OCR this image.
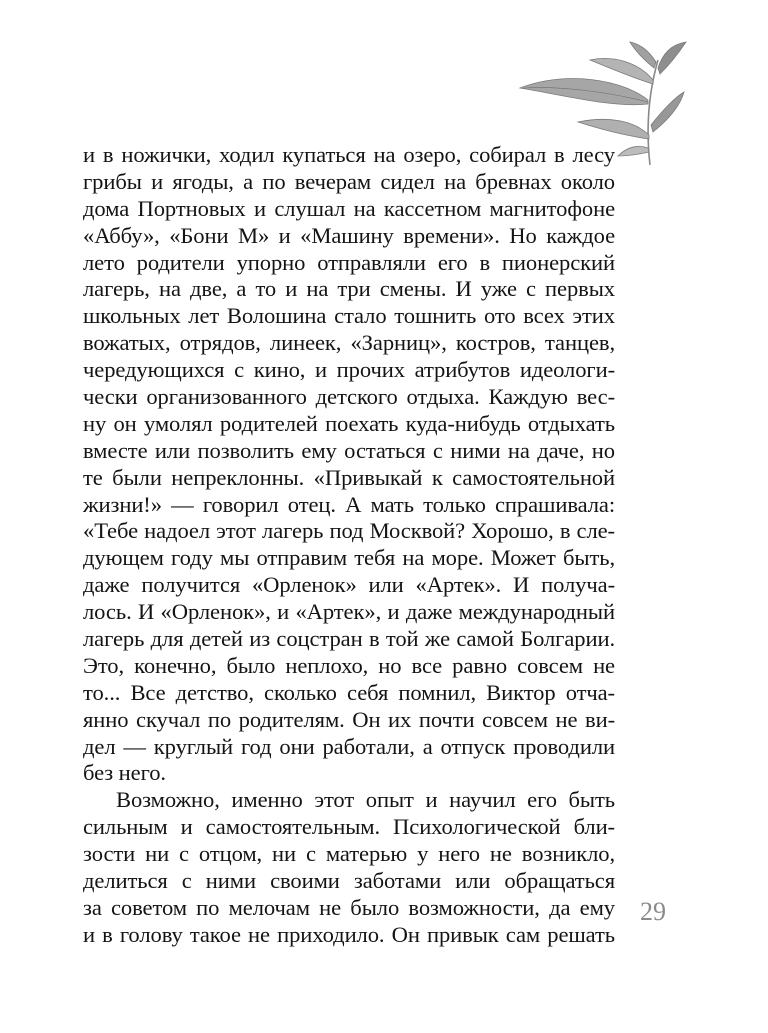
и в ножички, ходил купаться на озеро, собирал в лесу
грибы и ягоды, а по вечерам сидел на бревнах около
дома Портновых и слушал на кассетном магнитофоне
«Аббу», «Бони М» и «Машину времени». Но каждое
лето родители упорно отправляли его в пионерский
лагерь, на две, а то и на три смены. И уже с первых
школьных лет Волошина стало тошнить ото всех этих
вожатых, отрядов, линеек, «Зарниц», костров, танцев,
чередующихся с кино, и прочих атрибутов идеологи-
чески организованного детского отдыха. Каждую вес-
ну он умолял родителей поехать куда-нибудь отдыхать
вместе или позволить ему остаться с ними на даче, но
те были непреклонны. «Привыкай к самостоятельной
жизни!» — говорил отец. А мать только спрашивала:
«Тебе надоел этот лагерь под Москвой? Хорошо, в сле-
дующем году мы отправим тебя на море. Может быть,
даже получится «Орленок» или «Артек». И получа-
лось. И «Орленок», и «Артек», и даже международный
лагерь для детей из соцстран в той же самой Болгарии.
Это, конечно, было неплохо, но все равно совсем не
то... Все детство, сколько себя помнил, Виктор отча-
янно скучал по родителям. Он их почти совсем не ви-
дел — круглый год они работали, а отпуск проводили
без него.
Возможно, именно этот опыт и научил его быть
сильным и самостоятельным. Психологической бли-
зости ни с отцом, ни с матерью у него не возникло,
делиться с ними своими заботами или обращаться
за советом по мелочам не было возможности, да ему
и в голову такое не приходило. Он привык сам решать
29
